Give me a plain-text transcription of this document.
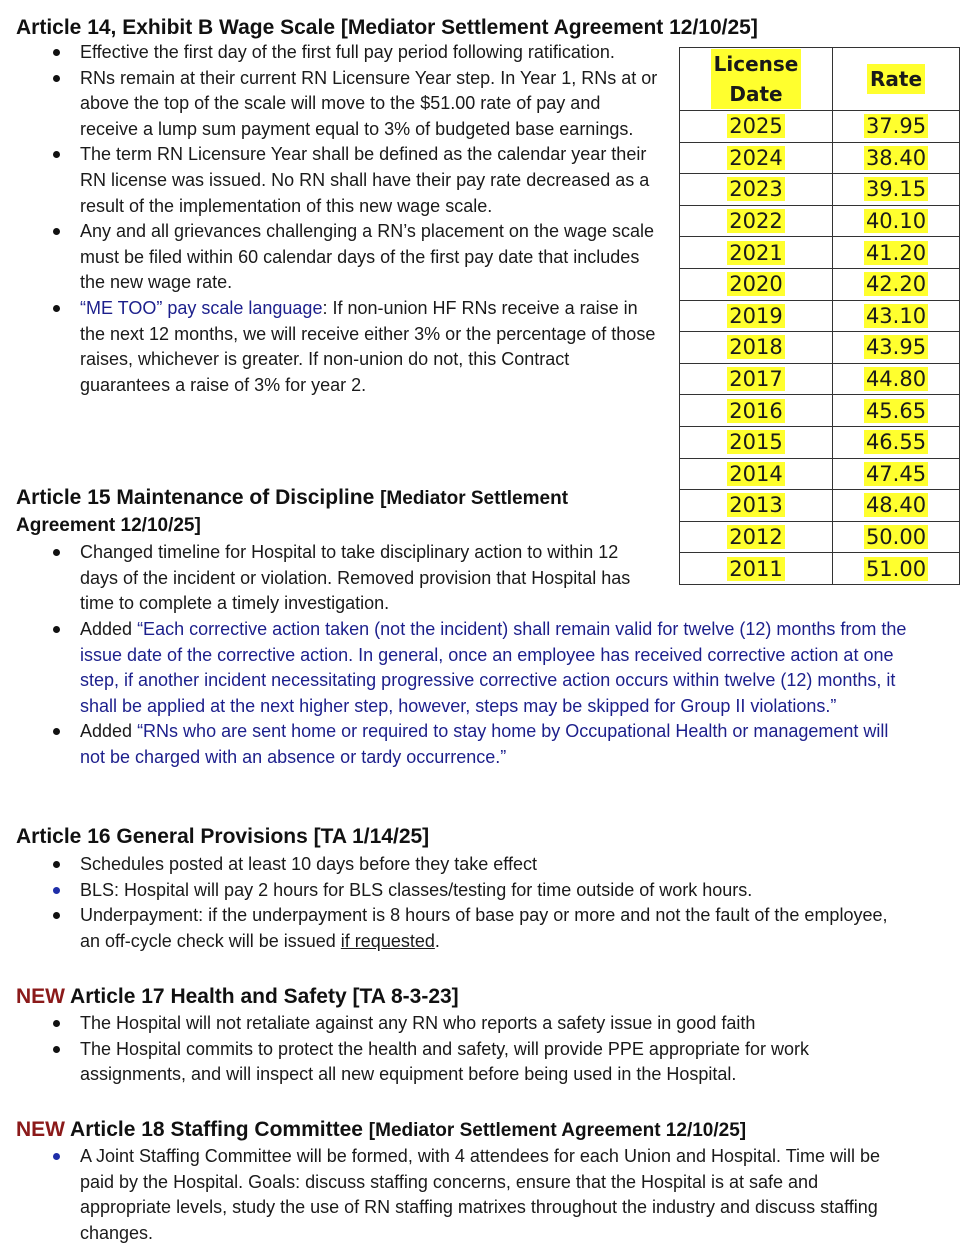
Article 14, Exhibit B Wage Scale [Mediator Settlement Agreement 12/10/25]
Effective the first day of the first full pay period following ratification.
RNs remain at their current RN Licensure Year step. In Year 1, RNs at or above the top of the scale will move to the $51.00 rate of pay and receive a lump sum payment equal to 3% of budgeted base earnings.
The term RN Licensure Year shall be defined as the calendar year their RN license was issued. No RN shall have their pay rate decreased as a result of the implementation of this new wage scale.
Any and all grievances challenging a RN’s placement on the wage scale must be filed within 60 calendar days of the first pay date that includes the new wage rate.
“ME TOO” pay scale language: If non-union HF RNs receive a raise in the next 12 months, we will receive either 3% or the percentage of those raises, whichever is greater. If non-union do not, this Contract guarantees a raise of 3% for year 2.
License
Date	Rate
2025	37.95
2024	38.40
2023	39.15
2022	40.10
2021	41.20
2020	42.20
2019	43.10
2018	43.95
2017	44.80
2016	45.65
2015	46.55
2014	47.45
2013	48.40
2012	50.00
2011	51.00
Article 15 Maintenance of Discipline [Mediator Settlement
Agreement 12/10/25]
Changed timeline for Hospital to take disciplinary action to within 12 days of the incident or violation. Removed provision that Hospital has time to complete a timely investigation.
Added “Each corrective action taken (not the incident) shall remain valid for twelve (12) months from the issue date of the corrective action. In general, once an employee has received corrective action at one step, if another incident necessitating progressive corrective action occurs within twelve (12) months, it shall be applied at the next higher step, however, steps may be skipped for Group II violations.”
Added “RNs who are sent home or required to stay home by Occupational Health or management will not be charged with an absence or tardy occurrence.”
Article 16 General Provisions [TA 1/14/25]
Schedules posted at least 10 days before they take effect
BLS: Hospital will pay 2 hours for BLS classes/testing for time outside of work hours.
Underpayment: if the underpayment is 8 hours of base pay or more and not the fault of the employee, an off-cycle check will be issued if requested.
NEW Article 17 Health and Safety [TA 8-3-23]
The Hospital will not retaliate against any RN who reports a safety issue in good faith
The Hospital commits to protect the health and safety, will provide PPE appropriate for work assignments, and will inspect all new equipment before being used in the Hospital.
NEW Article 18 Staffing Committee [Mediator Settlement Agreement 12/10/25]
A Joint Staffing Committee will be formed, with 4 attendees for each Union and Hospital. Time will be paid by the Hospital. Goals: discuss staffing concerns, ensure that the Hospital is at safe and appropriate levels, study the use of RN staffing matrixes throughout the industry and discuss staffing changes.
